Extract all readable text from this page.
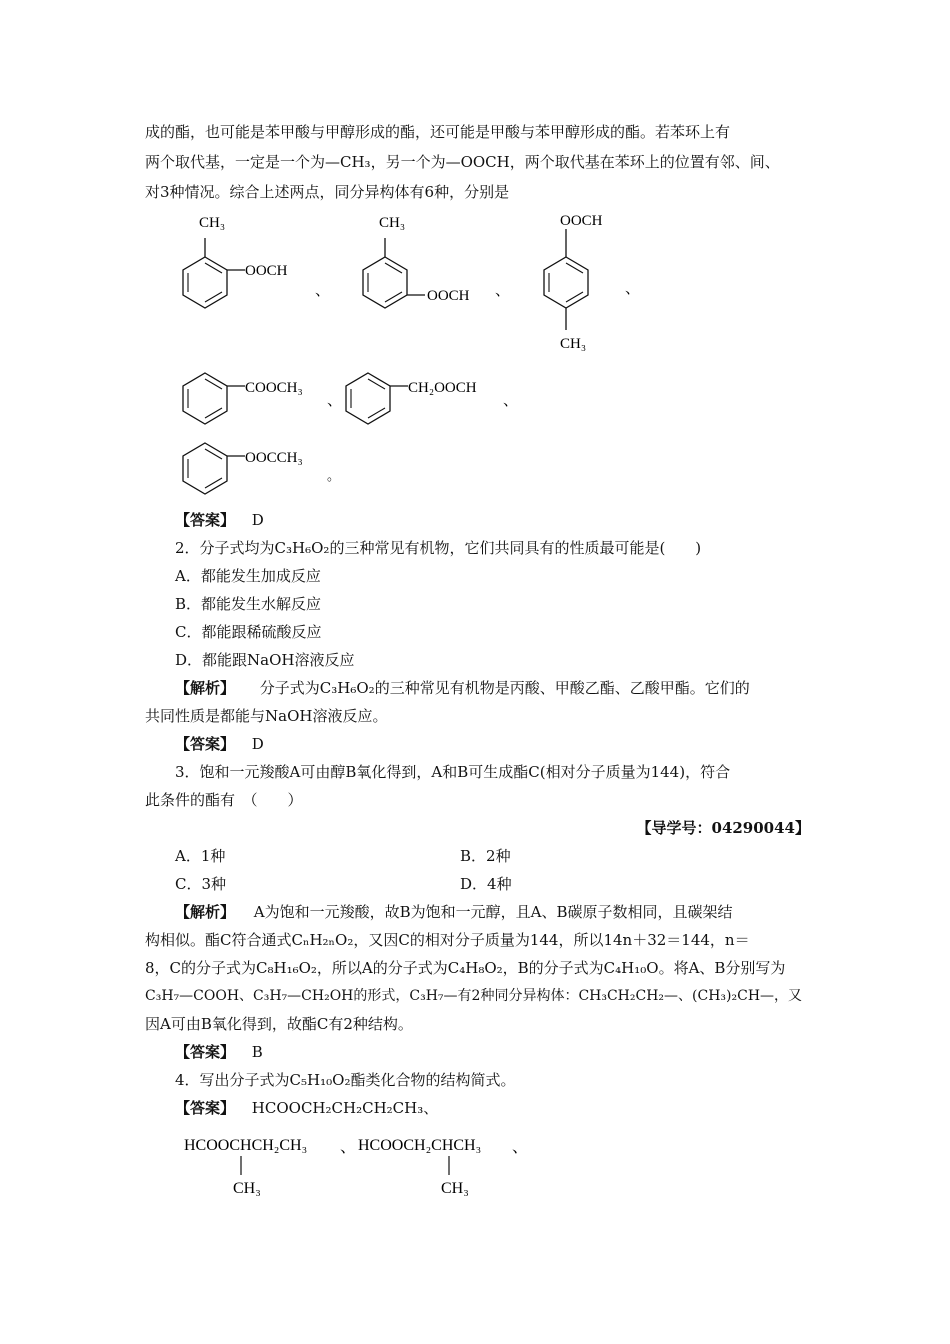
成的酯，也可能是苯甲酸与甲醇形成的酯，还可能是甲酸与苯甲醇形成的酯。若苯环上有
两个取代基，一定是一个为—CH₃，另一个为—OOCH，两个取代基在苯环上的位置有邻、间、
对3种情况。综合上述两点，同分异构体有6种，分别是
CH₃
OOCH
、
CH₃
OOCH 、
OOCH
CH₃
、
COOCH₃
、
CH₂OOCH
、
OOCCH₃
。
【答案】 D
2．分子式均为C₃H₆O₂的三种常见有机物，它们共同具有的性质最可能是(　　)
A．都能发生加成反应
B．都能发生水解反应
C．都能跟稀硫酸反应
D．都能跟NaOH溶液反应
【解析】 分子式为C₃H₆O₂的三种常见有机物是丙酸、甲酸乙酯、乙酸甲酯。它们的
共同性质是都能与NaOH溶液反应。
【答案】 D
3．饱和一元羧酸A可由醇B氧化得到，A和B可生成酯C(相对分子质量为144)，符合
此条件的酯有　（　　）
【导学号：04290044】
A．1种	B．2种
C．3种	D．4种
【解析】 A为饱和一元羧酸，故B为饱和一元醇，且A、B碳原子数相同，且碳架结
构相似。酯C符合通式CₙH₂ₙO₂，又因C的相对分子质量为144，所以14n＋32＝144，n＝
8，C的分子式为C₈H₁₆O₂，所以A的分子式为C₄H₈O₂，B的分子式为C₄H₁₀O。将A、B分别写为
C₃H₇—COOH、C₃H₇—CH₂OH的形式，C₃H₇—有2种同分异构体：CH₃CH₂CH₂—、(CH₃)₂CH—，又
因A可由B氧化得到，故酯C有2种结构。
【答案】 B
4．写出分子式为C₅H₁₀O₂酯类化合物的结构简式。
【答案】 HCOOCH₂CH₂CH₂CH₃、
HCOOCHCH₂CH₃
CH₃
、 HCOOCH₂CHCH₃
CH₃
、
